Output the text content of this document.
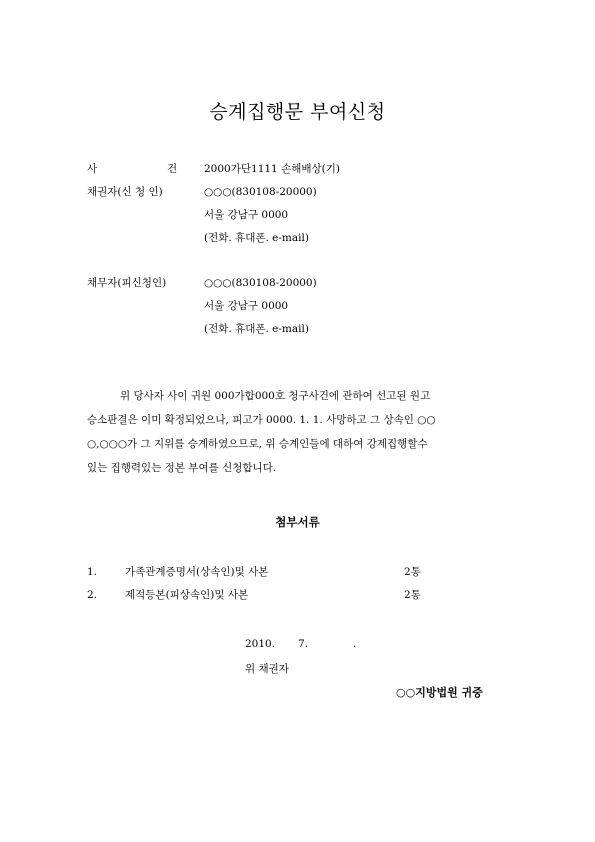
승계집행문 부여신청
사	건	2000가단1111 손해배상(기)
채권자(신 청 인)	○○○(830108-20000)
서울 강남구 0000
(전화. 휴대폰. e-mail)
채무자(피신청인)	○○○(830108-20000)
서울 강남구 0000
(전화. 휴대폰. e-mail)
위 당사자 사이 귀원 000가합000호 청구사건에 관하여 선고된 원고
승소판결은 이미 확정되었으나, 피고가 0000. 1. 1. 사망하고 그 상속인 ○○
○,○○○가 그 지위를 승계하였으므로, 위 승계인들에 대하여 강제집행할수
있는 집행력있는 정본 부여를 신청합니다.
첨부서류
1.	가족관계증명서(상속인)및 사본	2통
2.	제적등본(피상속인)및 사본	2통
2010. 7.	.
위 채권자
○○지방법원 귀중
